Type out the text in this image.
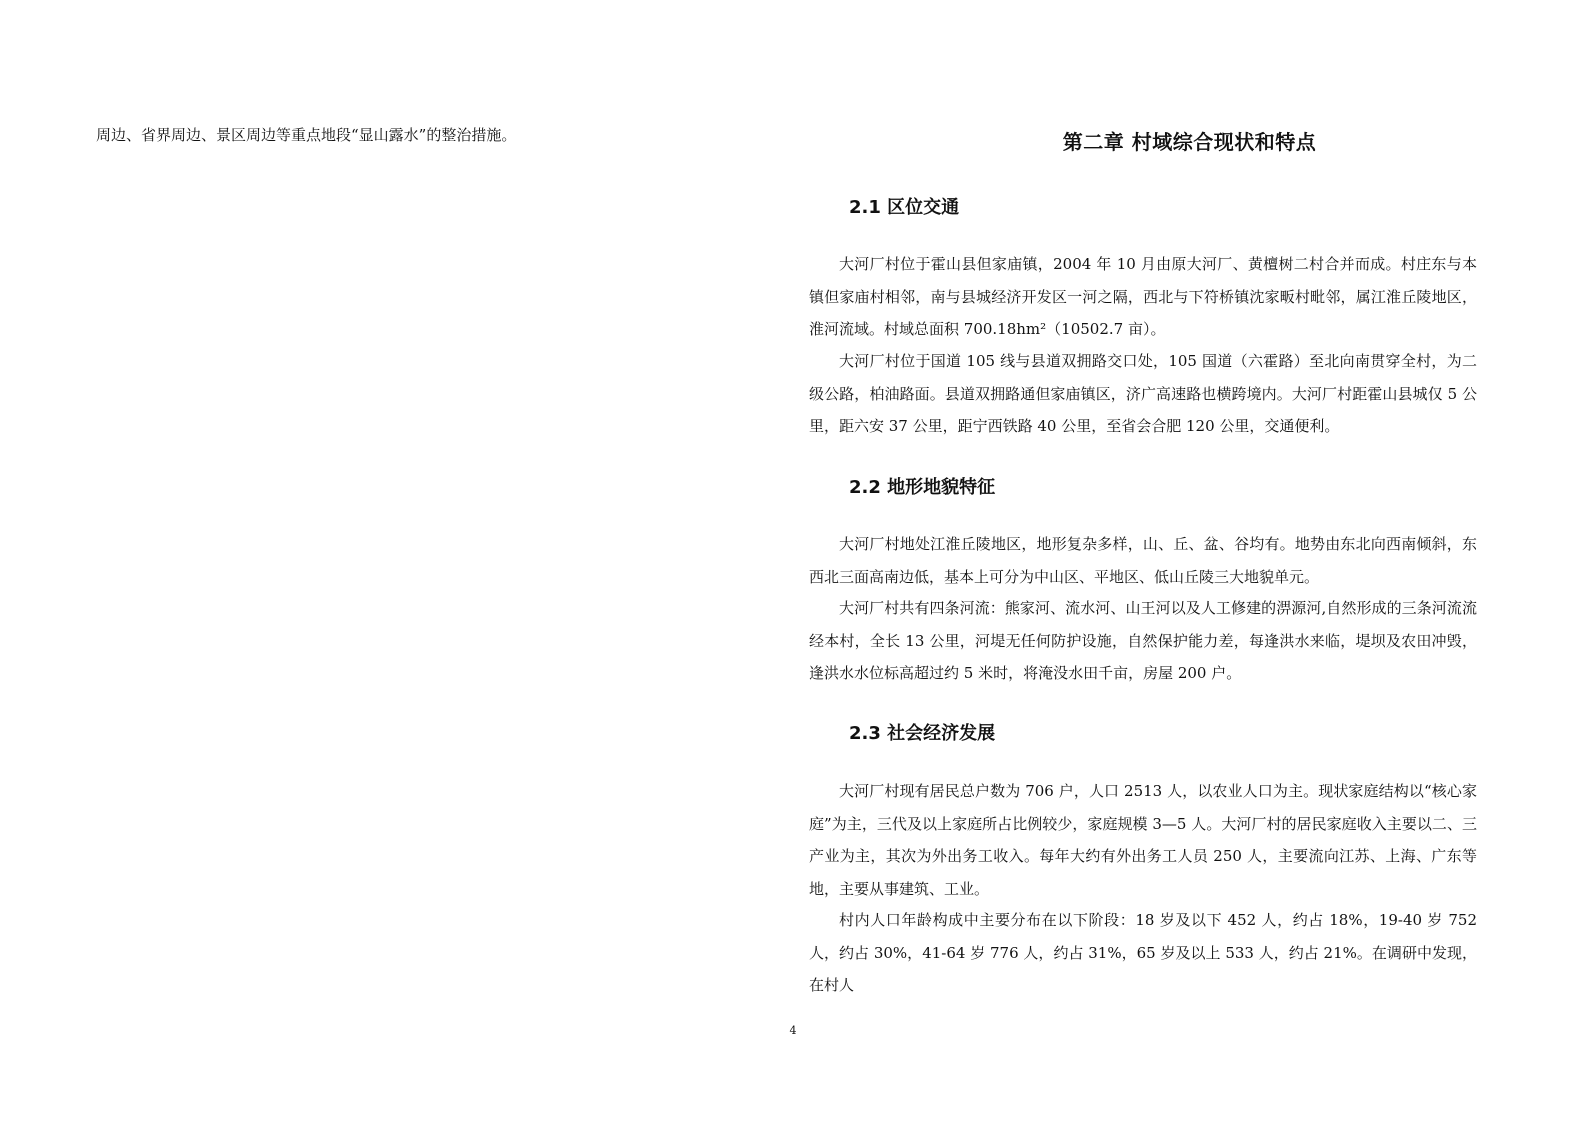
周边、省界周边、景区周边等重点地段“显山露水”的整治措施。	第二章 村域综合现状和特点
2.1 区位交通

大河厂村位于霍山县但家庙镇，2004 年 10 月由原大河厂、黄檀树二村合并而成。村庄东与本镇但家庙村相邻，南与县城经济开发区一河之隔，西北与下符桥镇沈家畈村毗邻，属江淮丘陵地区，淮河流域。村域总面积 700.18hm²（10502.7 亩）。

大河厂村位于国道 105 线与县道双拥路交口处，105 国道（六霍路）至北向南贯穿全村，为二级公路，柏油路面。县道双拥路通但家庙镇区，济广高速路也横跨境内。大河厂村距霍山县城仅 5 公里，距六安 37 公里，距宁西铁路 40 公里，至省会合肥 120 公里，交通便利。

2.2 地形地貌特征

大河厂村地处江淮丘陵地区，地形复杂多样，山、丘、盆、谷均有。地势由东北向西南倾斜，东西北三面高南边低，基本上可分为中山区、平地区、低山丘陵三大地貌单元。

大河厂村共有四条河流：熊家河、流水河、山王河以及人工修建的淠源河,自然形成的三条河流流经本村，全长 13 公里，河堤无任何防护设施，自然保护能力差，每逢洪水来临，堤坝及农田冲毁，逢洪水水位标高超过约 5 米时，将淹没水田千亩，房屋 200 户。

2.3 社会经济发展

大河厂村现有居民总户数为 706 户，人口 2513 人，以农业人口为主。现状家庭结构以“核心家庭”为主，三代及以上家庭所占比例较少，家庭规模 3—5 人。大河厂村的居民家庭收入主要以二、三产业为主，其次为外出务工收入。每年大约有外出务工人员 250 人，主要流向江苏、上海、广东等地，主要从事建筑、工业。

村内人口年龄构成中主要分布在以下阶段：18 岁及以下 452 人，约占 18%，19-40 岁 752 人，约占 30%，41-64 岁 776 人，约占 31%，65 岁及以上 533 人，约占 21%。在调研中发现，在村人

4
